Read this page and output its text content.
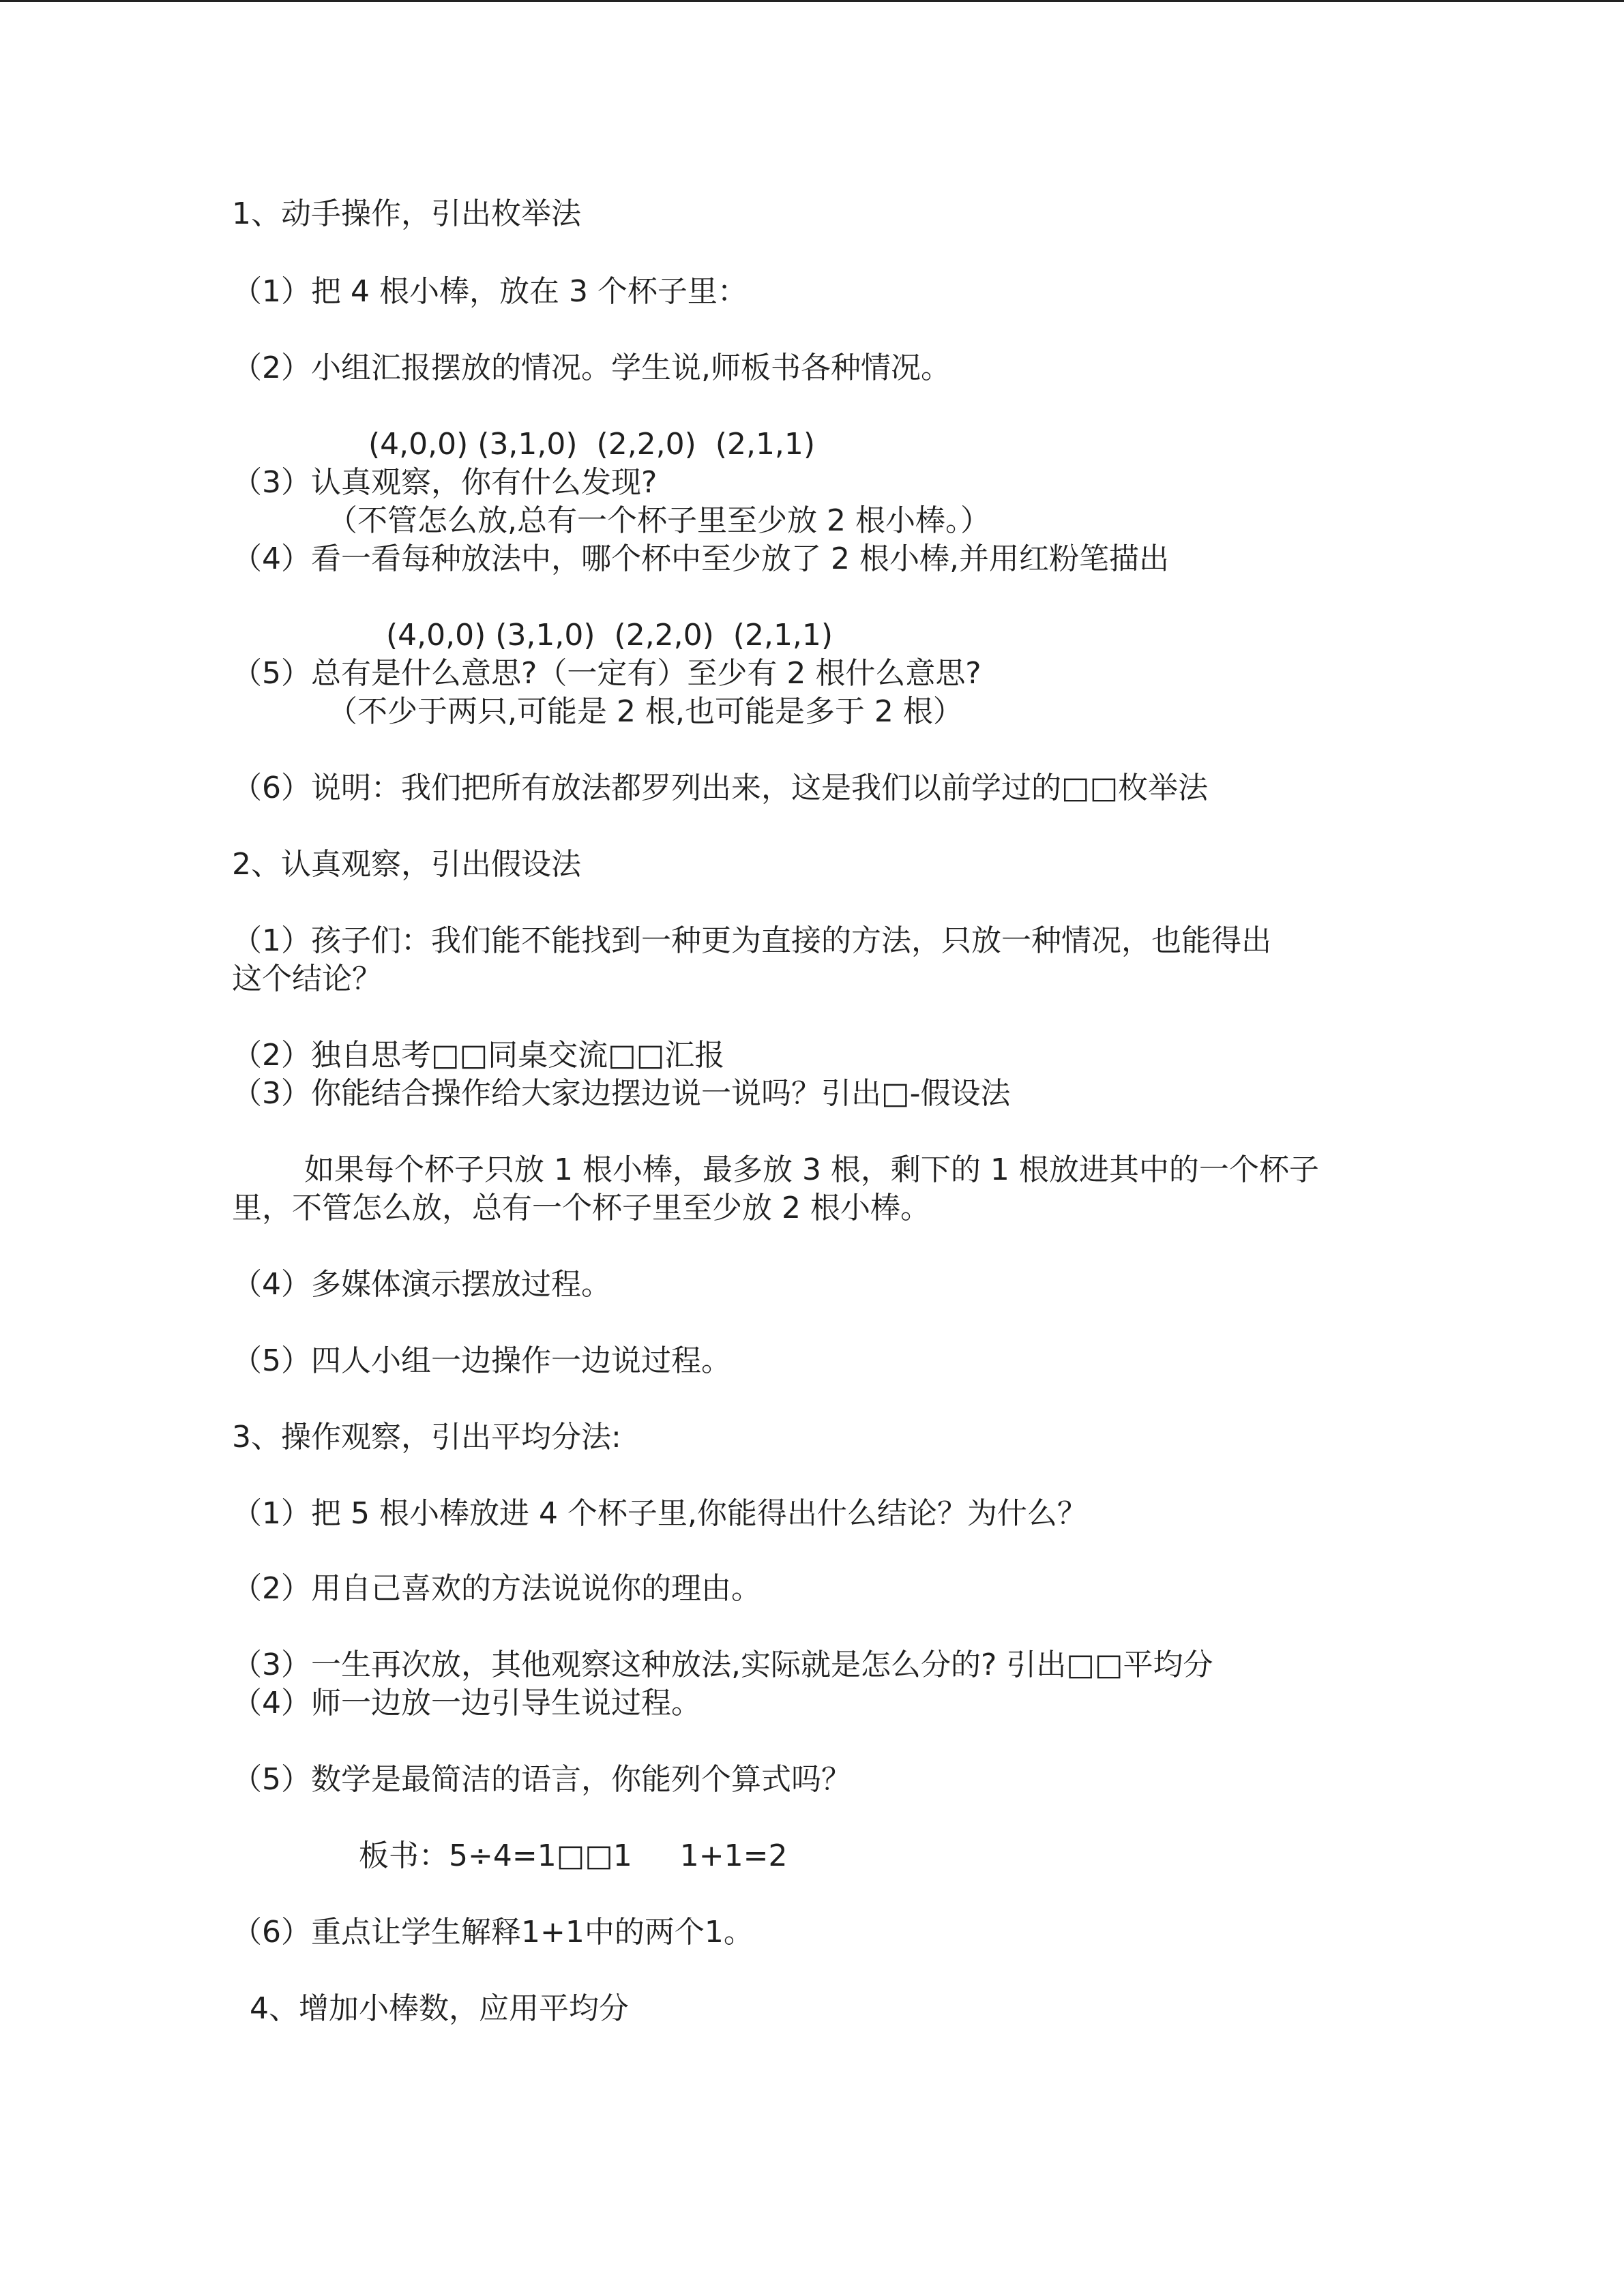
1、动手操作，引出枚举法
（1）把 4 根小棒，放在 3 个杯子里：
（2）小组汇报摆放的情况。学生说,师板书各种情况。
(4,0,0) (3,1,0)  (2,2,0)  (2,1,1)
（3）认真观察，你有什么发现?
（不管怎么放,总有一个杯子里至少放 2 根小棒。）
（4）看一看每种放法中，哪个杯中至少放了 2 根小棒,并用红粉笔描出
(4,0,0) (3,1,0)  (2,2,0)  (2,1,1)
（5）总有是什么意思?（一定有）至少有 2 根什么意思?
（不少于两只,可能是 2 根,也可能是多于 2 根）
（6）说明：我们把所有放法都罗列出来，这是我们以前学过的□□枚举法
2、认真观察，引出假设法
（1）孩子们：我们能不能找到一种更为直接的方法，只放一种情况，也能得出
这个结论？
（2）独自思考□□同桌交流□□汇报
（3）你能结合操作给大家边摆边说一说吗？引出□-假设法
如果每个杯子只放 1 根小棒，最多放 3 根，剩下的 1 根放进其中的一个杯子
里，不管怎么放，总有一个杯子里至少放 2 根小棒。
（4）多媒体演示摆放过程。
（5）四人小组一边操作一边说过程。
3、操作观察，引出平均分法:
（1）把 5 根小棒放进 4 个杯子里,你能得出什么结论？为什么？
（2）用自己喜欢的方法说说你的理由。
（3）一生再次放，其他观察这种放法,实际就是怎么分的? 引出□□平均分
（4）师一边放一边引导生说过程。
（5）数学是最简洁的语言，你能列个算式吗？
板书：5÷4=1□□1     1+1=2
（6）重点让学生解释1+1中的两个1。
4、增加小棒数，应用平均分
